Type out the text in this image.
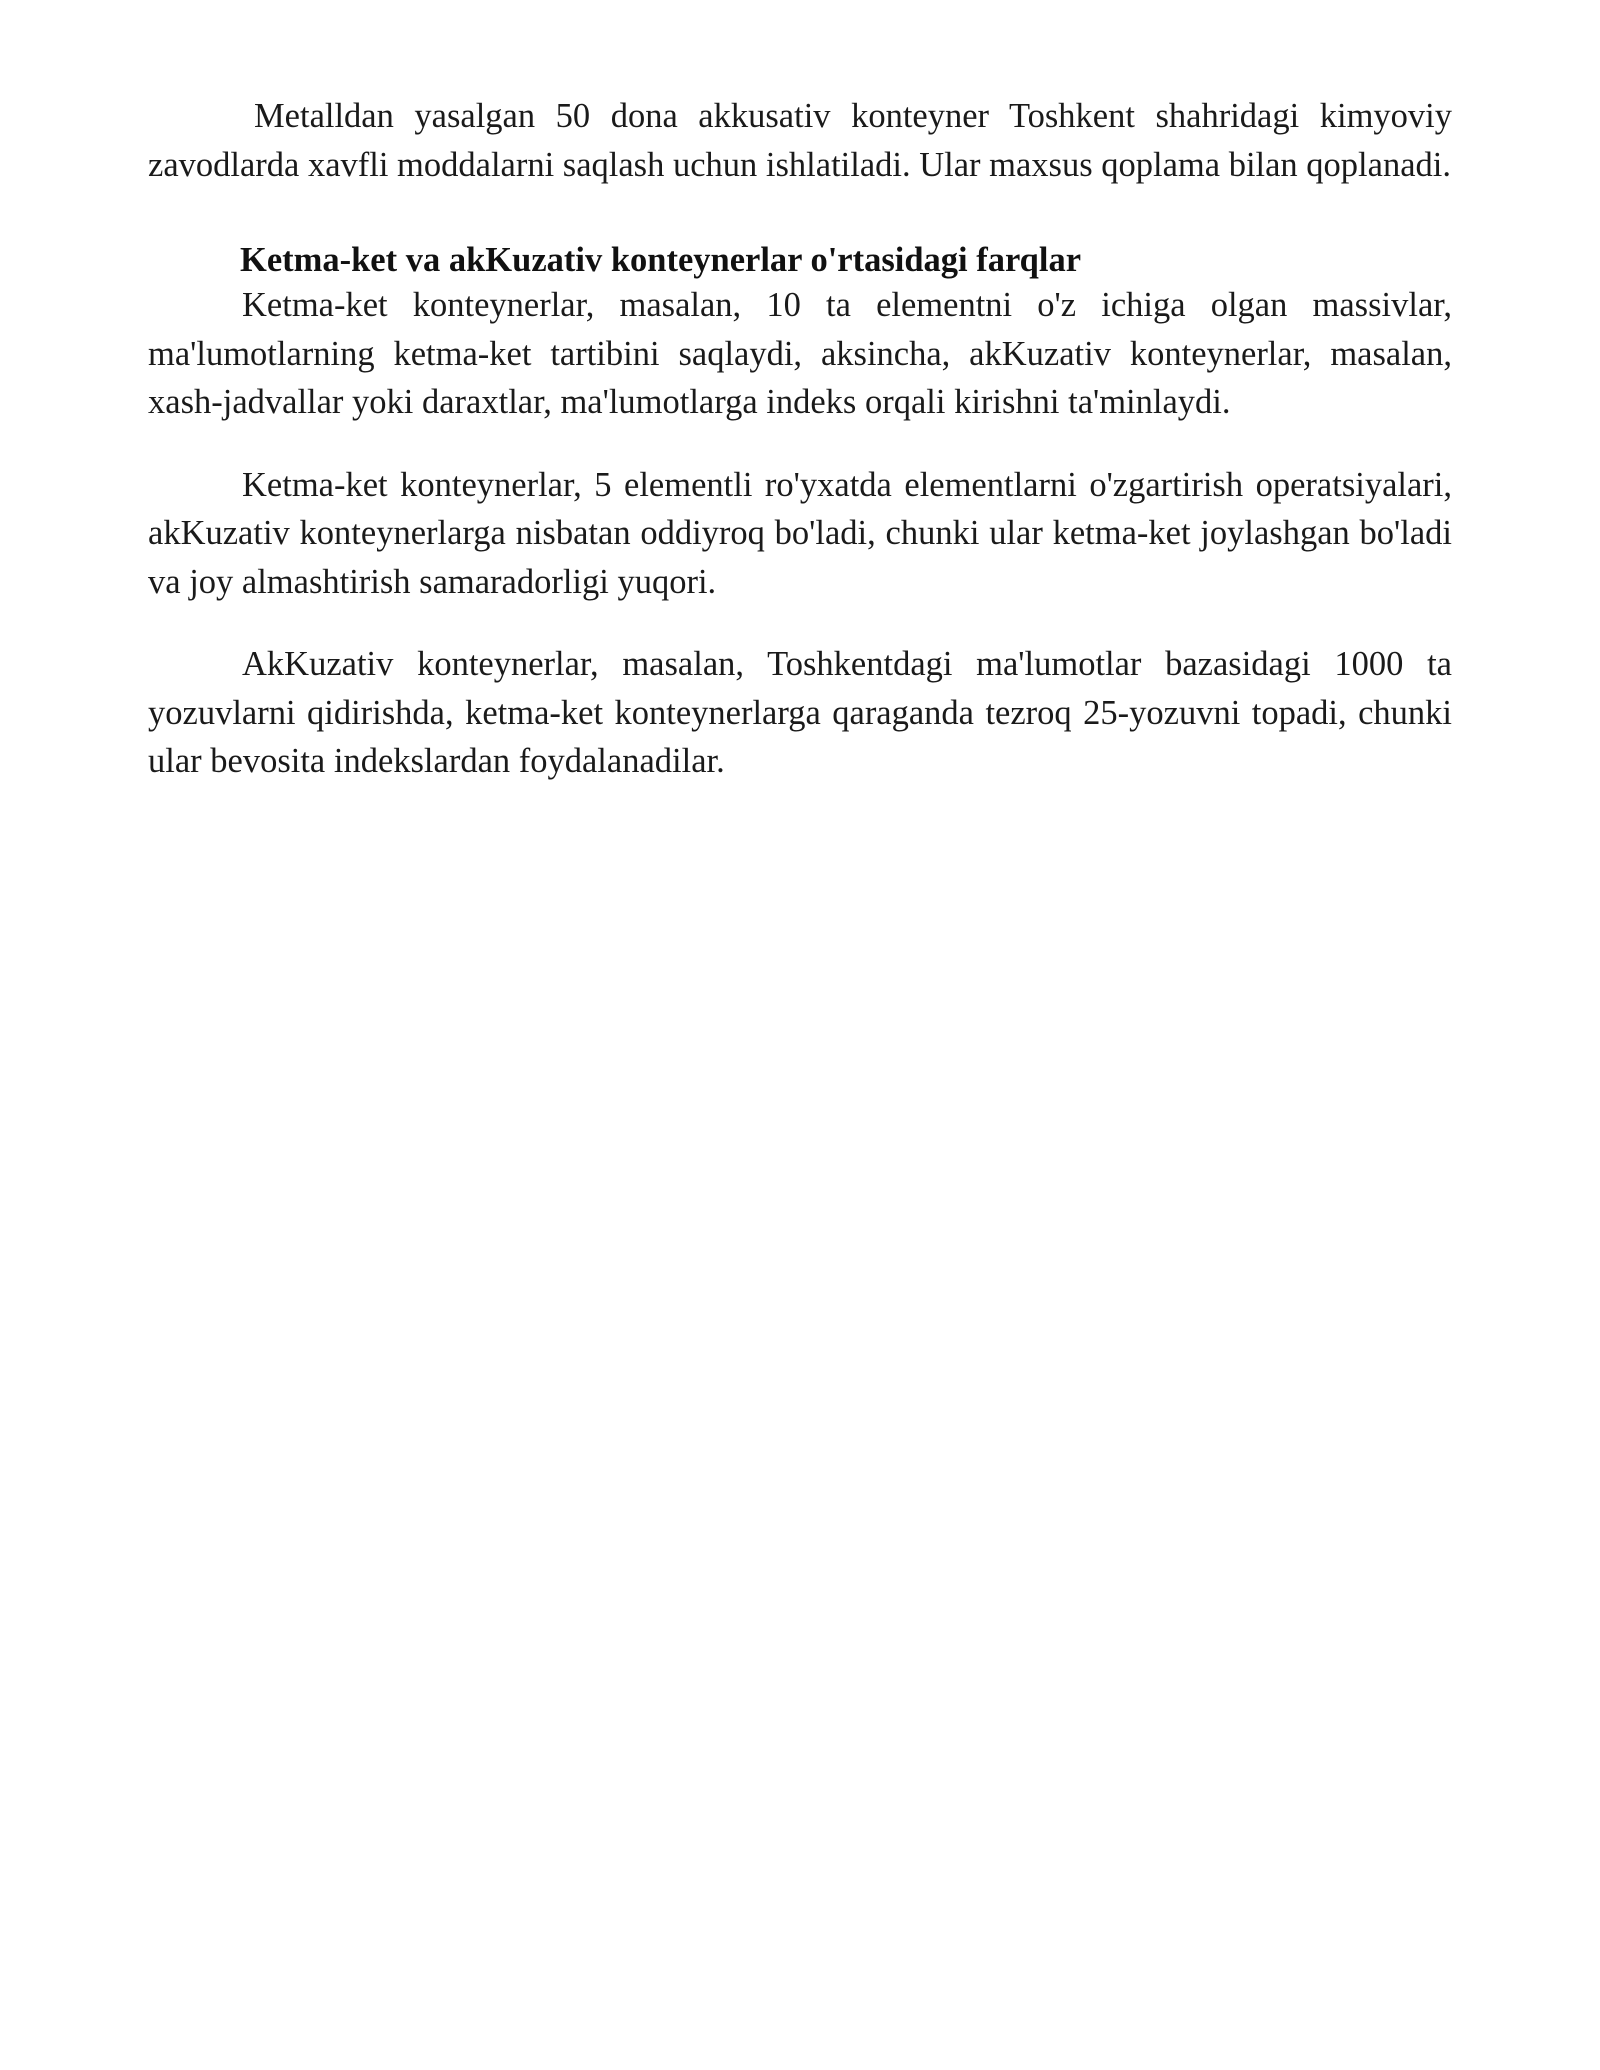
Metalldan yasalgan 50 dona akkusativ konteyner Toshkent shahridagi kimyoviy zavodlarda xavfli moddalarni saqlash uchun ishlatiladi. Ular maxsus qoplama bilan qoplanadi.

Ketma-ket va akKuzativ konteynerlar o'rtasidagi farqlar

Ketma-ket konteynerlar, masalan, 10 ta elementni o'z ichiga olgan massivlar, ma'lumotlarning ketma-ket tartibini saqlaydi, aksincha, akKuzativ konteynerlar, masalan, xash-jadvallar yoki daraxtlar, ma'lumotlarga indeks orqali kirishni ta'minlaydi.

Ketma-ket konteynerlar, 5 elementli ro'yxatda elementlarni o'zgartirish operatsiyalari, akKuzativ konteynerlarga nisbatan oddiyroq bo'ladi, chunki ular ketma-ket joylashgan bo'ladi va joy almashtirish samaradorligi yuqori.

AkKuzativ konteynerlar, masalan, Toshkentdagi ma'lumotlar bazasidagi 1000 ta yozuvlarni qidirishda, ketma-ket konteynerlarga qaraganda tezroq 25-yozuvni topadi, chunki ular bevosita indekslardan foydalanadilar.
